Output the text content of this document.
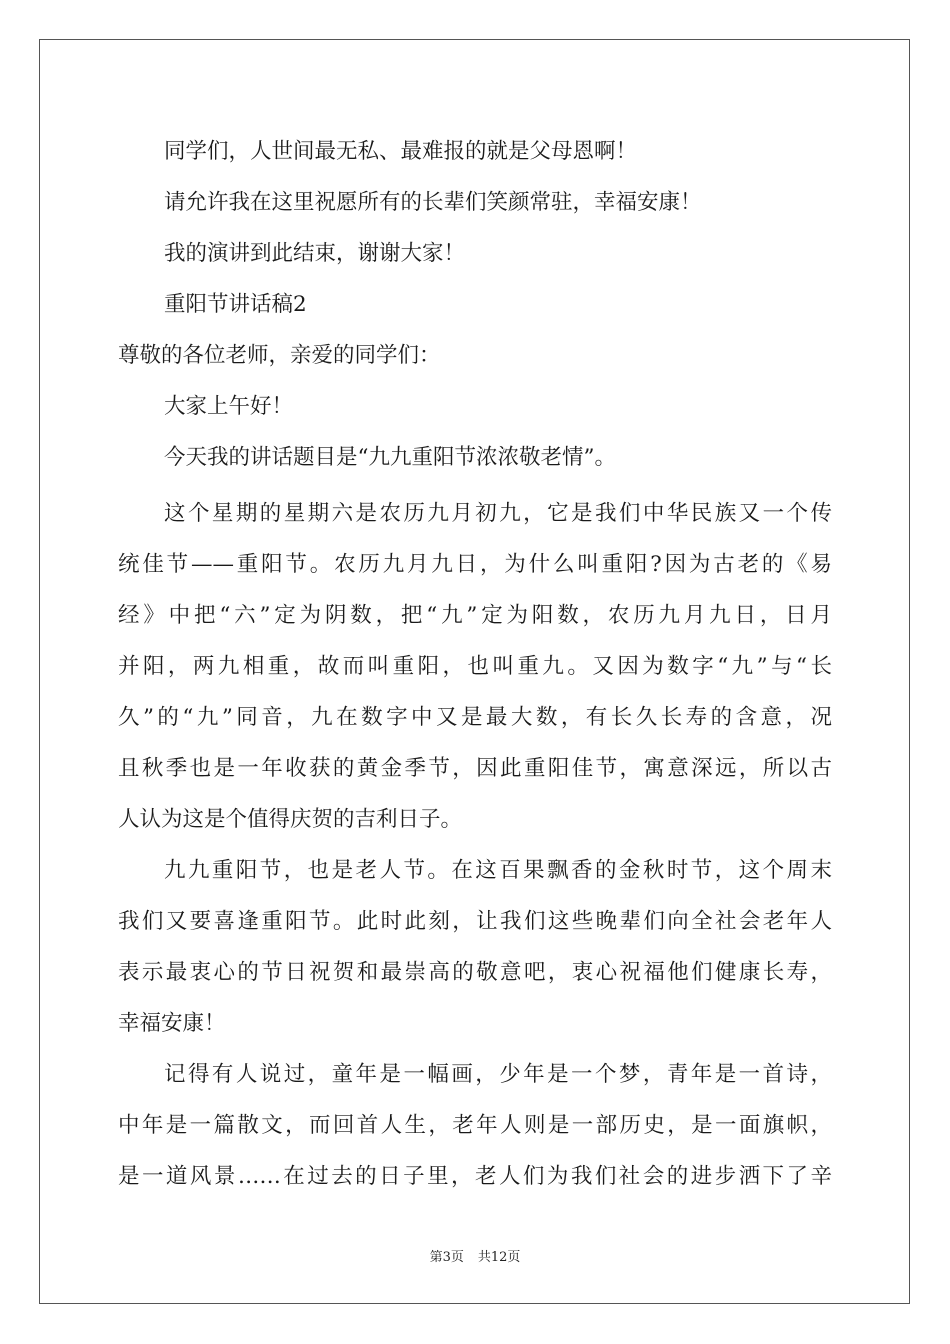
同学们，人世间最无私、最难报的就是父母恩啊！
请允许我在这里祝愿所有的长辈们笑颜常驻，幸福安康！
我的演讲到此结束，谢谢大家！
重阳节讲话稿2
尊敬的各位老师，亲爱的同学们：
大家上午好！
今天我的讲话题目是“九九重阳节浓浓敬老情”。
这个星期的星期六是农历九月初九，它是我们中华民族又一个传
统佳节——重阳节。农历九月九日，为什么叫重阳?因为古老的《易
经》中把“六”定为阴数，把“九”定为阳数，农历九月九日，日月
并阳，两九相重，故而叫重阳，也叫重九。又因为数字“九”与“长
久”的“九”同音，九在数字中又是最大数，有长久长寿的含意，况
且秋季也是一年收获的黄金季节，因此重阳佳节，寓意深远，所以古
人认为这是个值得庆贺的吉利日子。
九九重阳节，也是老人节。在这百果飘香的金秋时节，这个周末
我们又要喜逢重阳节。此时此刻，让我们这些晚辈们向全社会老年人
表示最衷心的节日祝贺和最崇高的敬意吧，衷心祝福他们健康长寿，
幸福安康！
记得有人说过，童年是一幅画，少年是一个梦，青年是一首诗，
中年是一篇散文，而回首人生，老年人则是一部历史，是一面旗帜，
是一道风景……在过去的日子里，老人们为我们社会的进步洒下了辛
第3页 共12页
